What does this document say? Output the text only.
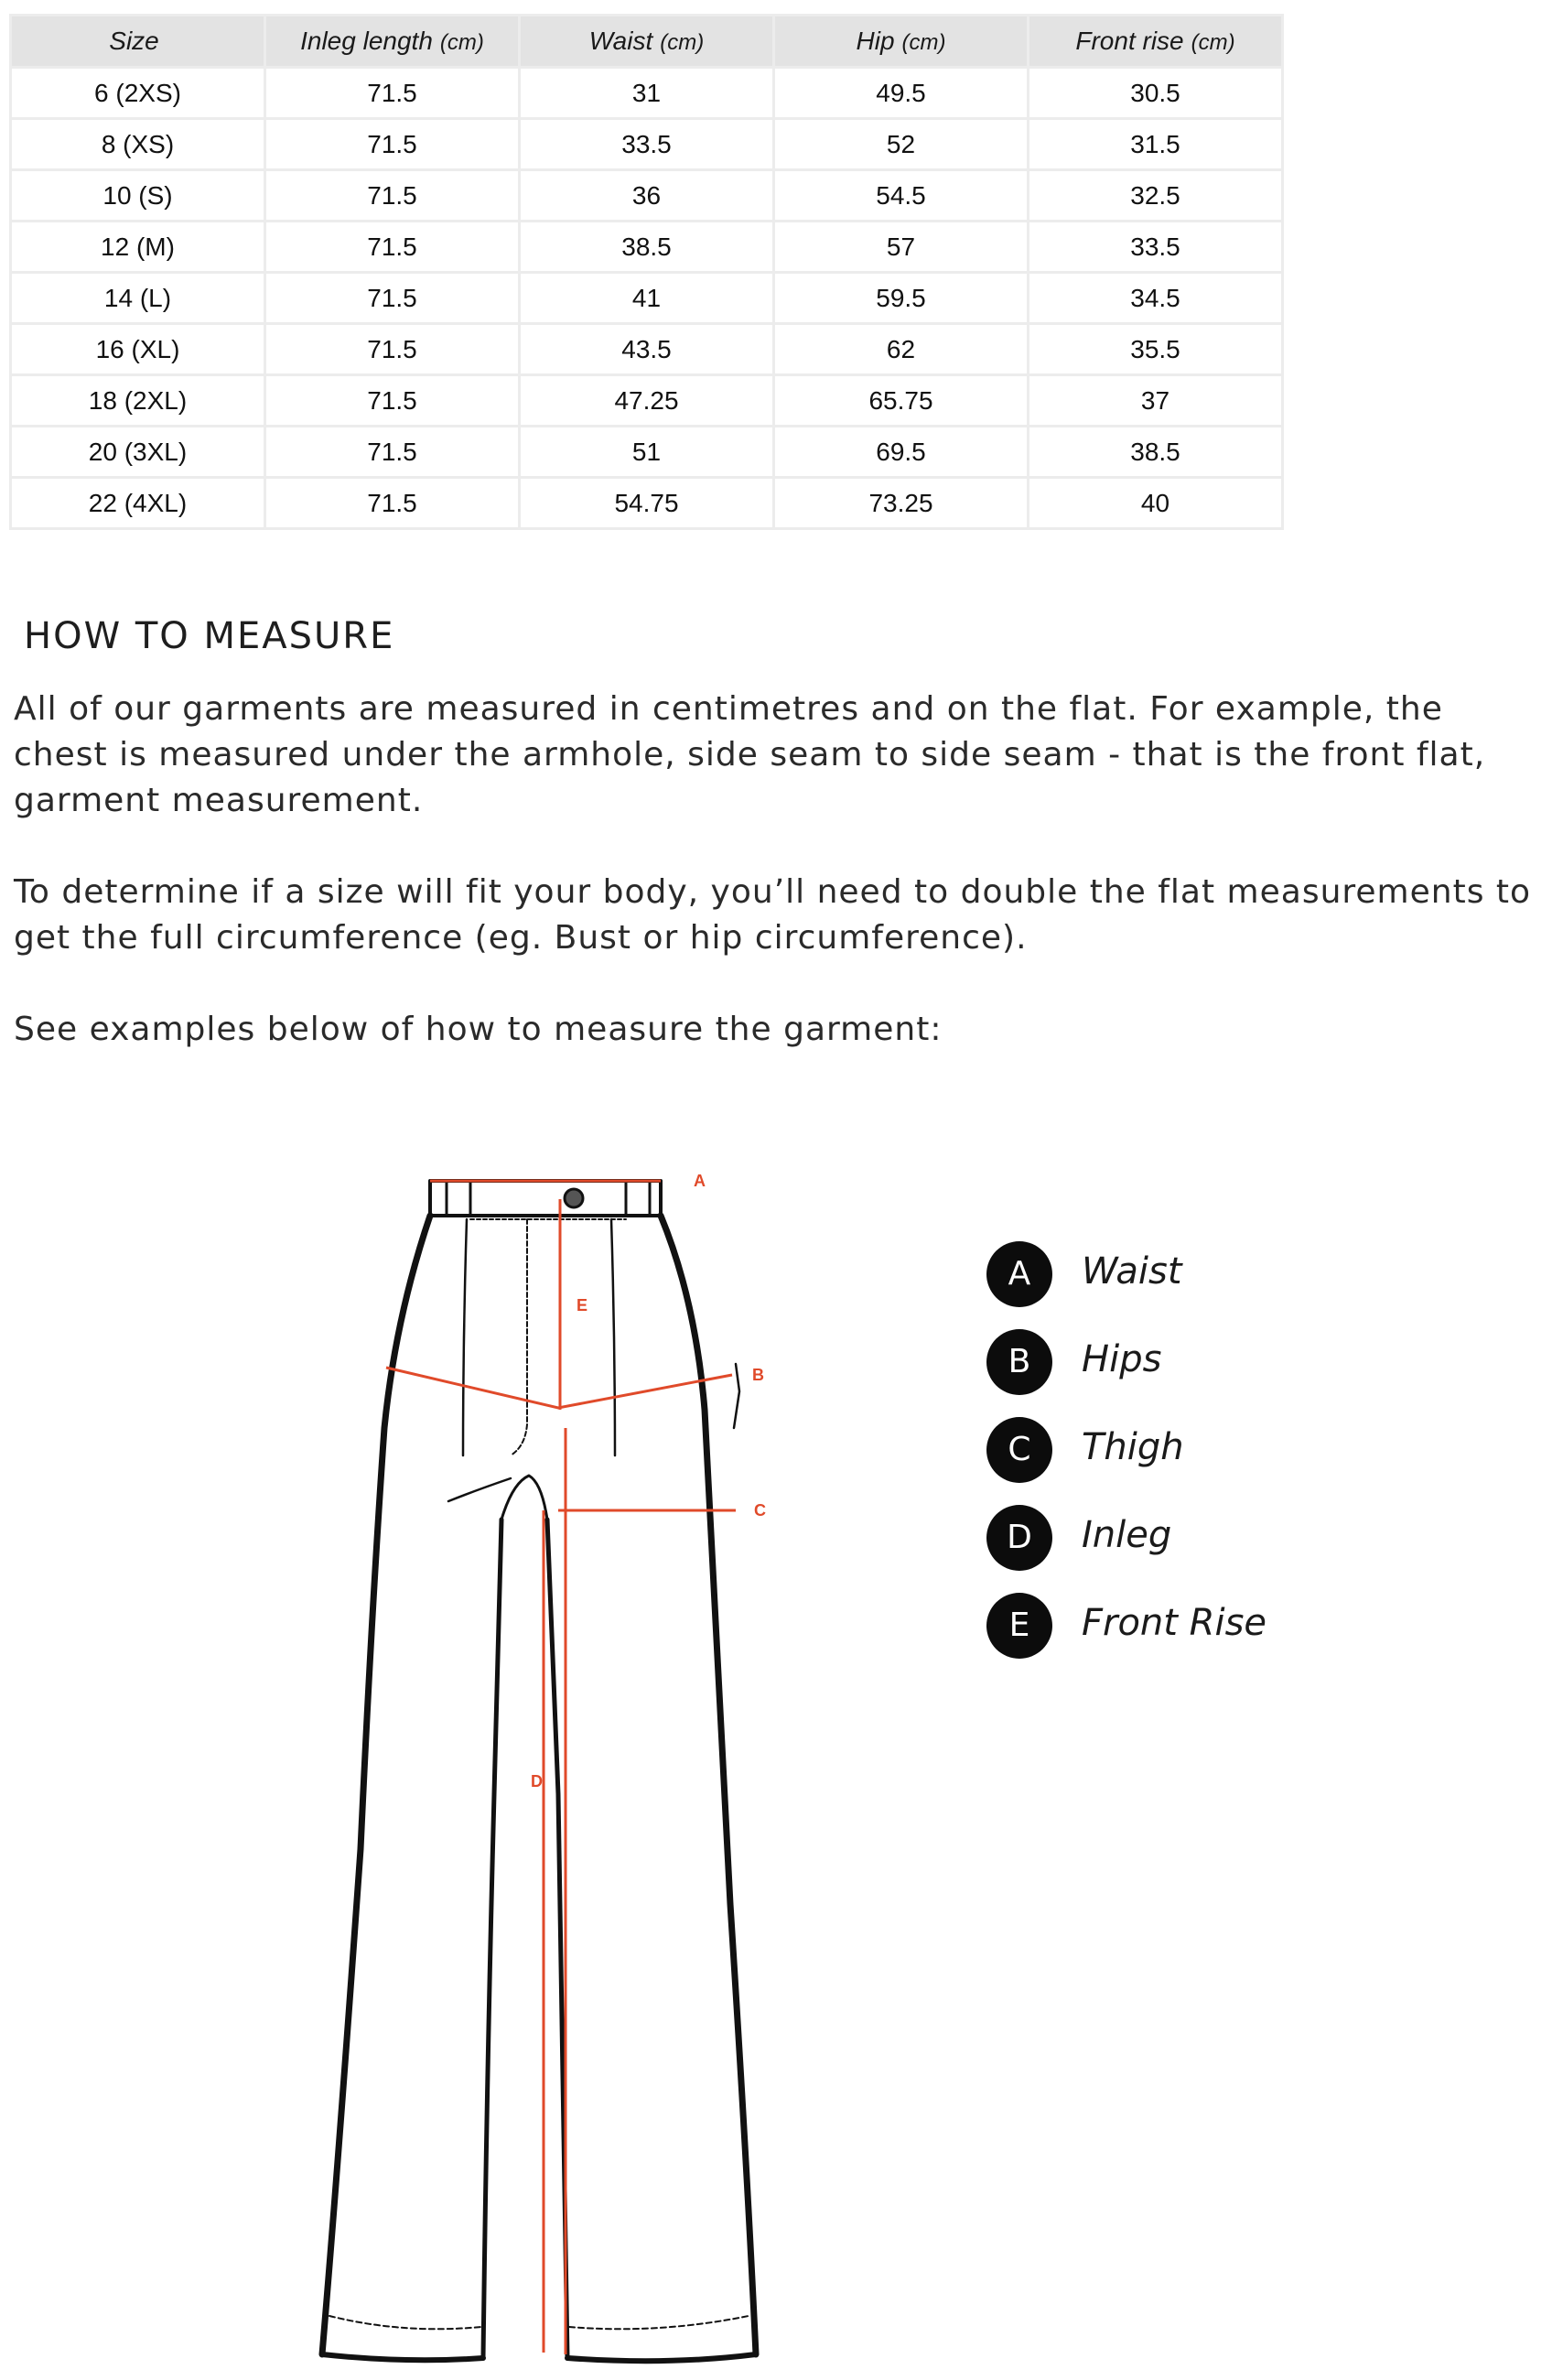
Size	Inleg length (cm)	Waist (cm)	Hip (cm)	Front rise (cm)
6 (2XS)	71.5	31	49.5	30.5
8 (XS)	71.5	33.5	52	31.5
10 (S)	71.5	36	54.5	32.5
12 (M)	71.5	38.5	57	33.5
14 (L)	71.5	41	59.5	34.5
16 (XL)	71.5	43.5	62	35.5
18 (2XL)	71.5	47.25	65.75	37
20 (3XL)	71.5	51	69.5	38.5
22 (4XL)	71.5	54.75	73.25	40
HOW TO MEASURE

All of our garments are measured in centimetres and on the flat. For example, the chest is measured under the armhole, side seam to side seam - that is the front flat, garment measurement.

To determine if a size will fit your body, you’ll need to double the flat measurements to get the full circumference (eg. Bust or hip circumference).

See examples below of how to measure the garment:

A
B
C
D
E
A	Waist
B	Hips
C	Thigh
D	Inleg
E	Front Rise
